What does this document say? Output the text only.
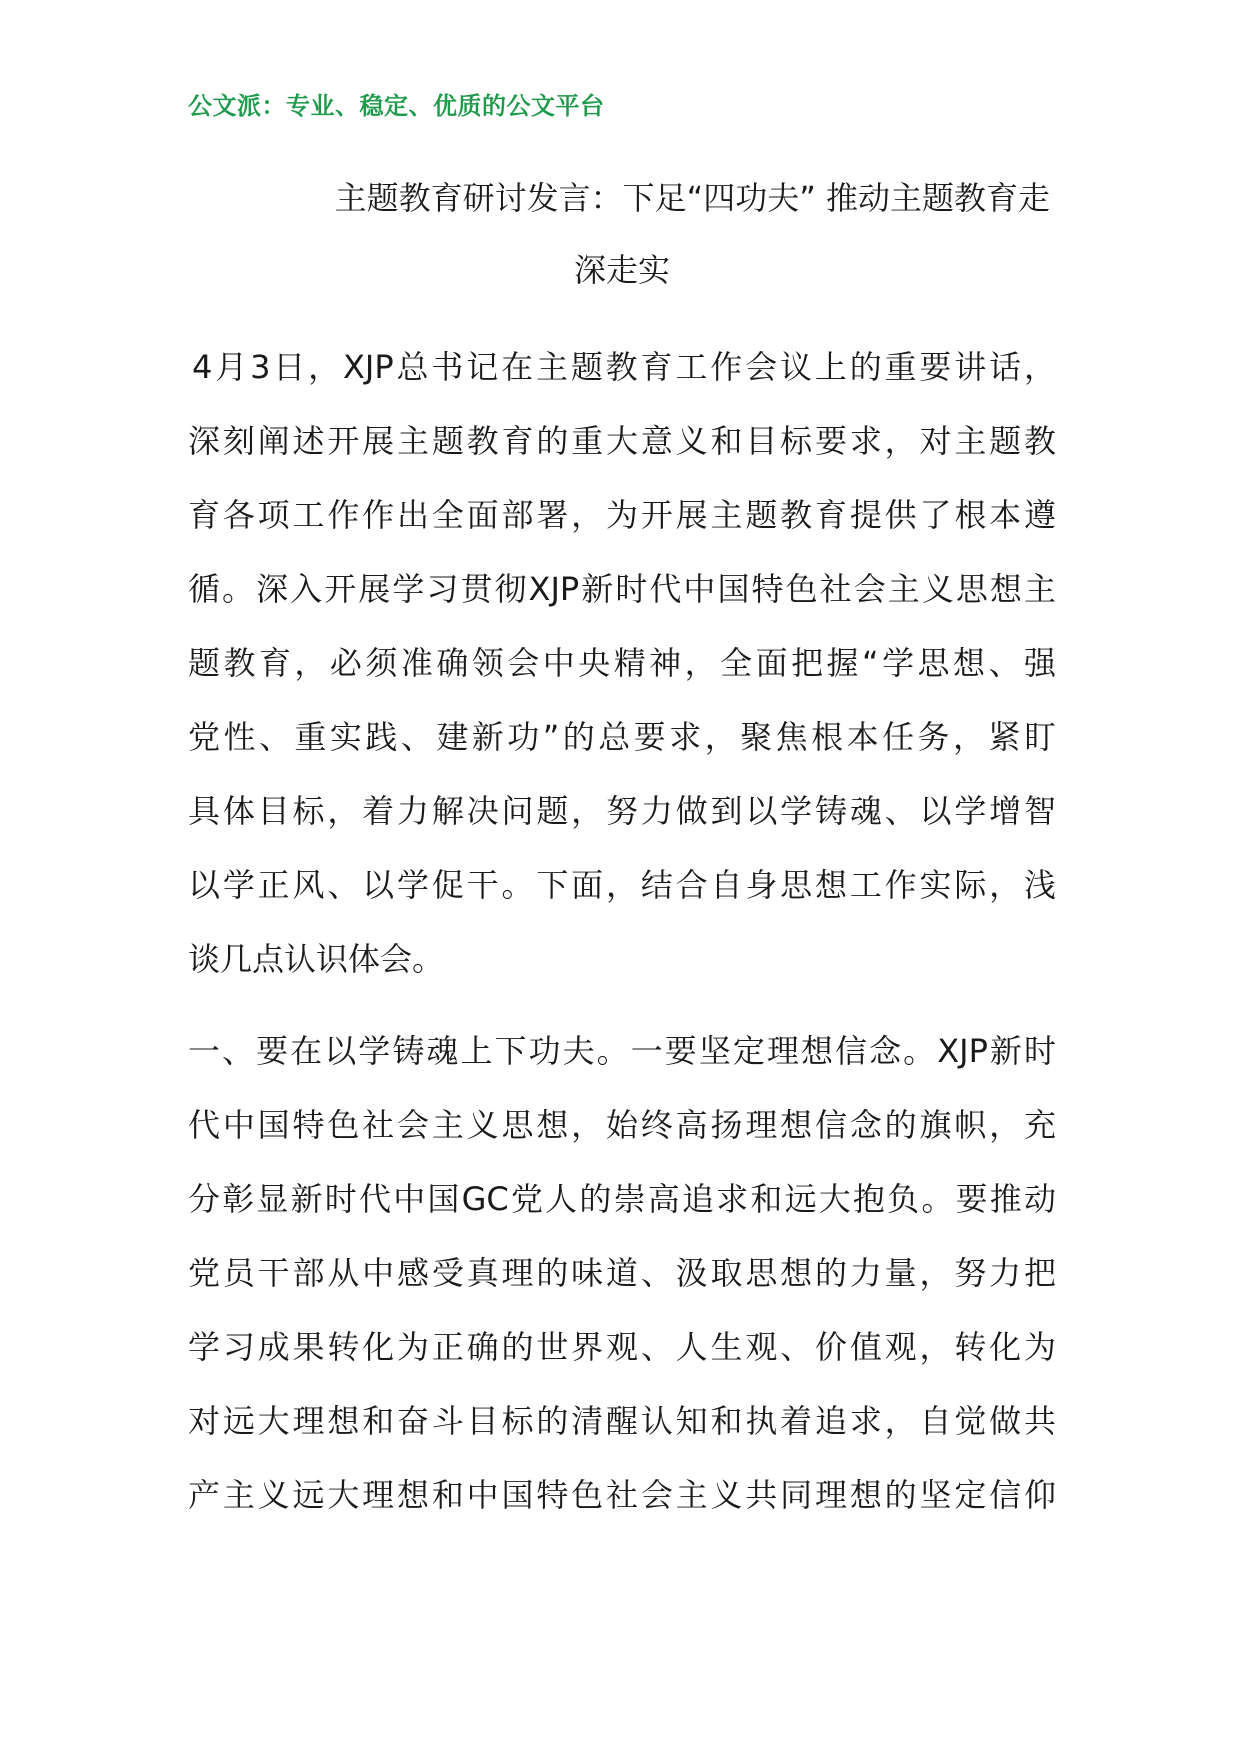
公文派：专业、稳定、优质的公文平台
主题教育研讨发言：下足“四功夫” 推动主题教育走
深走实
4月3日，XJP总书记在主题教育工作会议上的重要讲话，
深刻阐述开展主题教育的重大意义和目标要求，对主题教
育各项工作作出全面部署，为开展主题教育提供了根本遵
循。深入开展学习贯彻XJP新时代中国特色社会主义思想主
题教育，必须准确领会中央精神，全面把握“学思想、强
党性、重实践、建新功”的总要求，聚焦根本任务，紧盯
具体目标，着力解决问题，努力做到以学铸魂、以学增智
以学正风、以学促干。下面，结合自身思想工作实际，浅
谈几点认识体会。
一、要在以学铸魂上下功夫。一要坚定理想信念。XJP新时
代中国特色社会主义思想，始终高扬理想信念的旗帜，充
分彰显新时代中国GC党人的崇高追求和远大抱负。要推动
党员干部从中感受真理的味道、汲取思想的力量，努力把
学习成果转化为正确的世界观、人生观、价值观，转化为
对远大理想和奋斗目标的清醒认知和执着追求，自觉做共
产主义远大理想和中国特色社会主义共同理想的坚定信仰
